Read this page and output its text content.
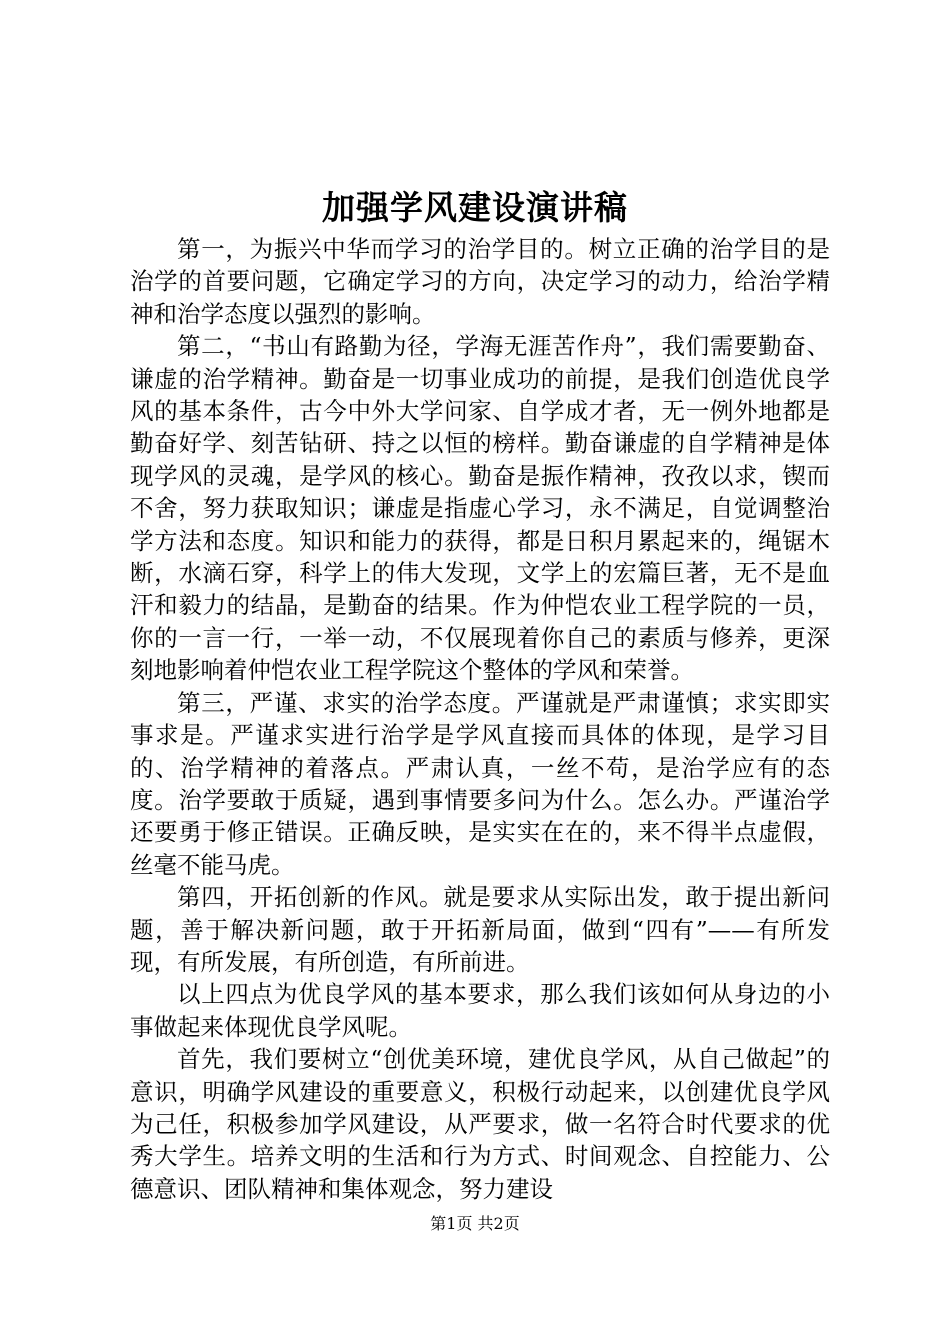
加强学风建设演讲稿

第一，为振兴中华而学习的治学目的。树立正确的治学目的是治学的首要问题，它确定学习的方向，决定学习的动力，给治学精神和治学态度以强烈的影响。

第二，“书山有路勤为径，学海无涯苦作舟”，我们需要勤奋、谦虚的治学精神。勤奋是一切事业成功的前提，是我们创造优良学风的基本条件，古今中外大学问家、自学成才者，无一例外地都是勤奋好学、刻苦钻研、持之以恒的榜样。勤奋谦虚的自学精神是体现学风的灵魂，是学风的核心。勤奋是振作精神，孜孜以求，锲而不舍，努力获取知识；谦虚是指虚心学习，永不满足，自觉调整治学方法和态度。知识和能力的获得，都是日积月累起来的，绳锯木断，水滴石穿，科学上的伟大发现，文学上的宏篇巨著，无不是血汗和毅力的结晶，是勤奋的结果。作为仲恺农业工程学院的一员，你的一言一行，一举一动，不仅展现着你自己的素质与修养，更深刻地影响着仲恺农业工程学院这个整体的学风和荣誉。

第三，严谨、求实的治学态度。严谨就是严肃谨慎；求实即实事求是。严谨求实进行治学是学风直接而具体的体现，是学习目的、治学精神的着落点。严肃认真，一丝不苟，是治学应有的态度。治学要敢于质疑，遇到事情要多问为什么。怎么办。严谨治学还要勇于修正错误。正确反映，是实实在在的，来不得半点虚假，丝毫不能马虎。

第四，开拓创新的作风。就是要求从实际出发，敢于提出新问题，善于解决新问题，敢于开拓新局面，做到“四有”——有所发现，有所发展，有所创造，有所前进。

以上四点为优良学风的基本要求，那么我们该如何从身边的小事做起来体现优良学风呢。

首先，我们要树立“创优美环境，建优良学风，从自己做起”的意识，明确学风建设的重要意义，积极行动起来，以创建优良学风为己任，积极参加学风建设，从严要求，做一名符合时代要求的优秀大学生。培养文明的生活和行为方式、时间观念、自控能力、公德意识、团队精神和集体观念，努力建设

第1页 共2页
